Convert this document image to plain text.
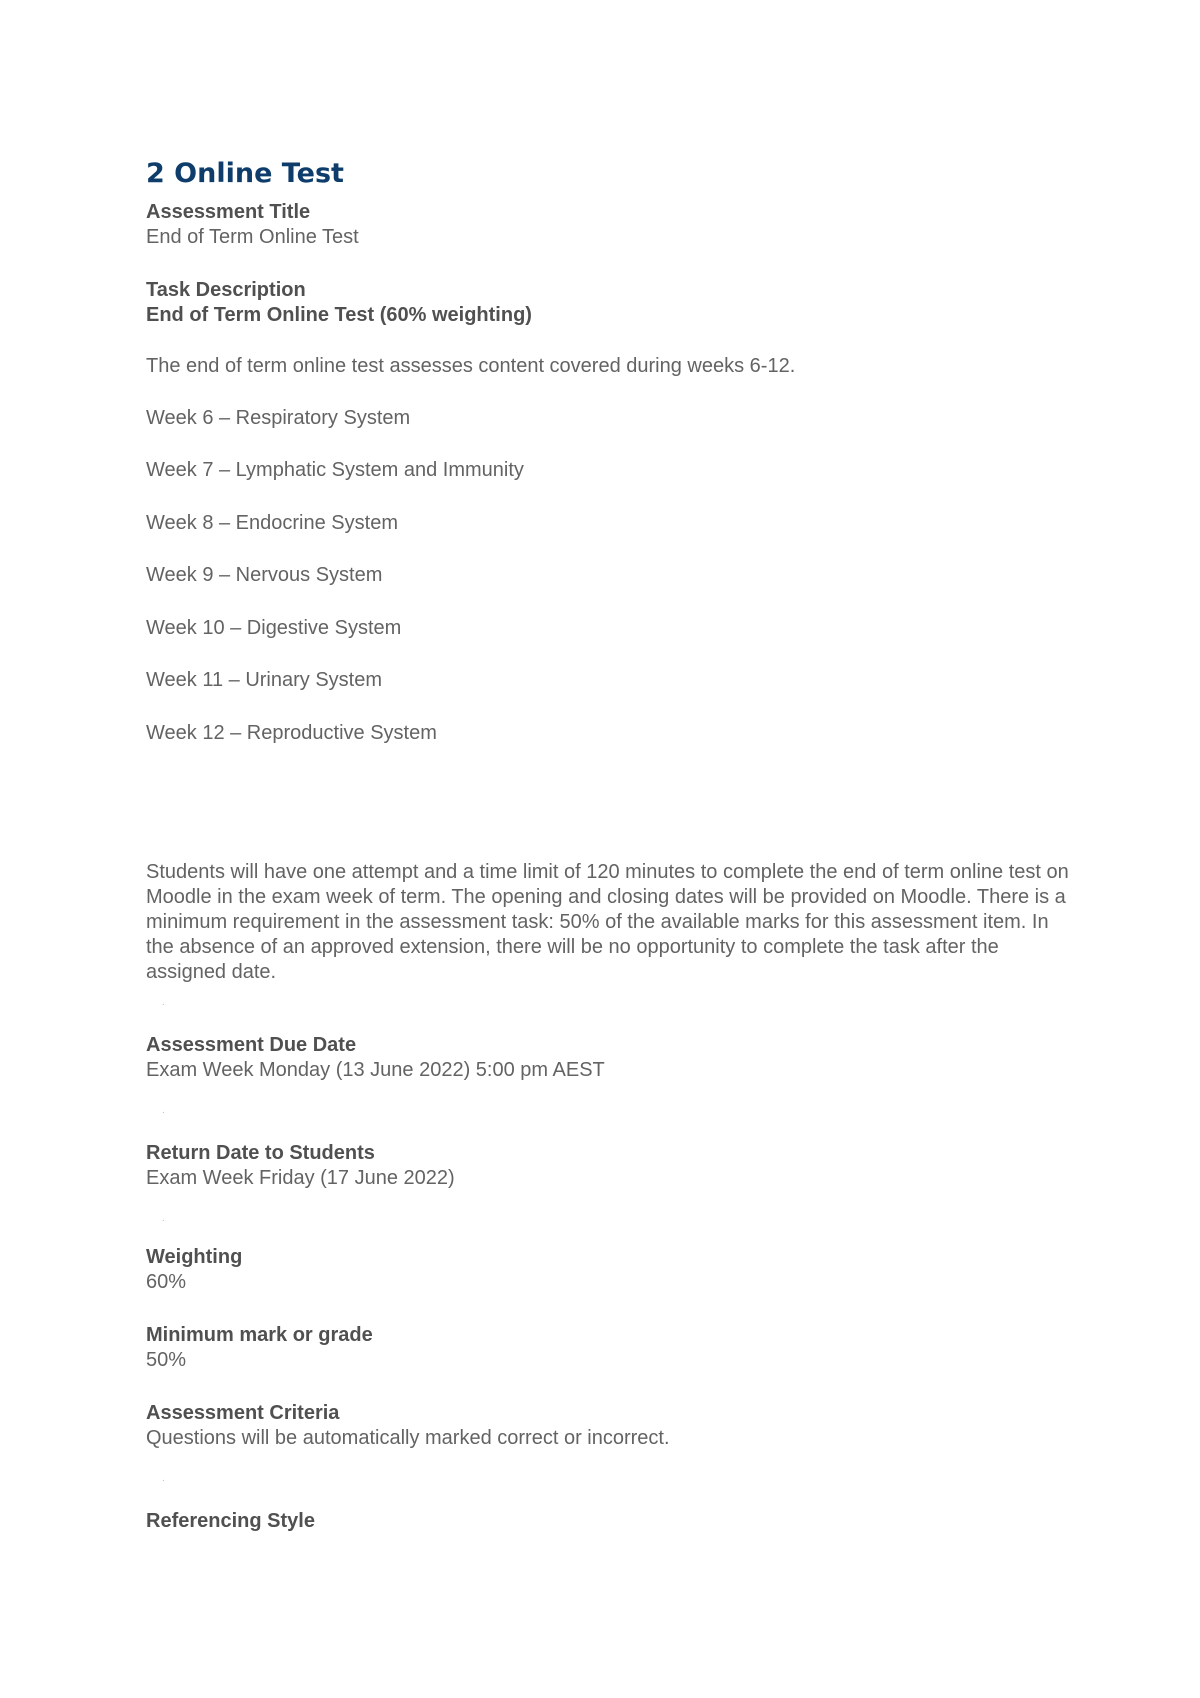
2 Online Test
Assessment Title
End of Term Online Test
Task Description
End of Term Online Test (60% weighting)
The end of term online test assesses content covered during weeks 6-12.
Week 6 – Respiratory System
Week 7 – Lymphatic System and Immunity
Week 8 – Endocrine System
Week 9 – Nervous System
Week 10 – Digestive System
Week 11 – Urinary System
Week 12 – Reproductive System
Students will have one attempt and a time limit of 120 minutes to complete the end of term online test on Moodle in the exam week of term. The opening and closing dates will be provided on Moodle. There is a minimum requirement in the assessment task: 50% of the available marks for this assessment item. In the absence of an approved extension, there will be no opportunity to complete the task after the assigned date.
.
Assessment Due Date
Exam Week Monday (13 June 2022) 5:00 pm AEST
.
Return Date to Students
Exam Week Friday (17 June 2022)
.
Weighting
60%
Minimum mark or grade
50%
Assessment Criteria
Questions will be automatically marked correct or incorrect.
.
Referencing Style
